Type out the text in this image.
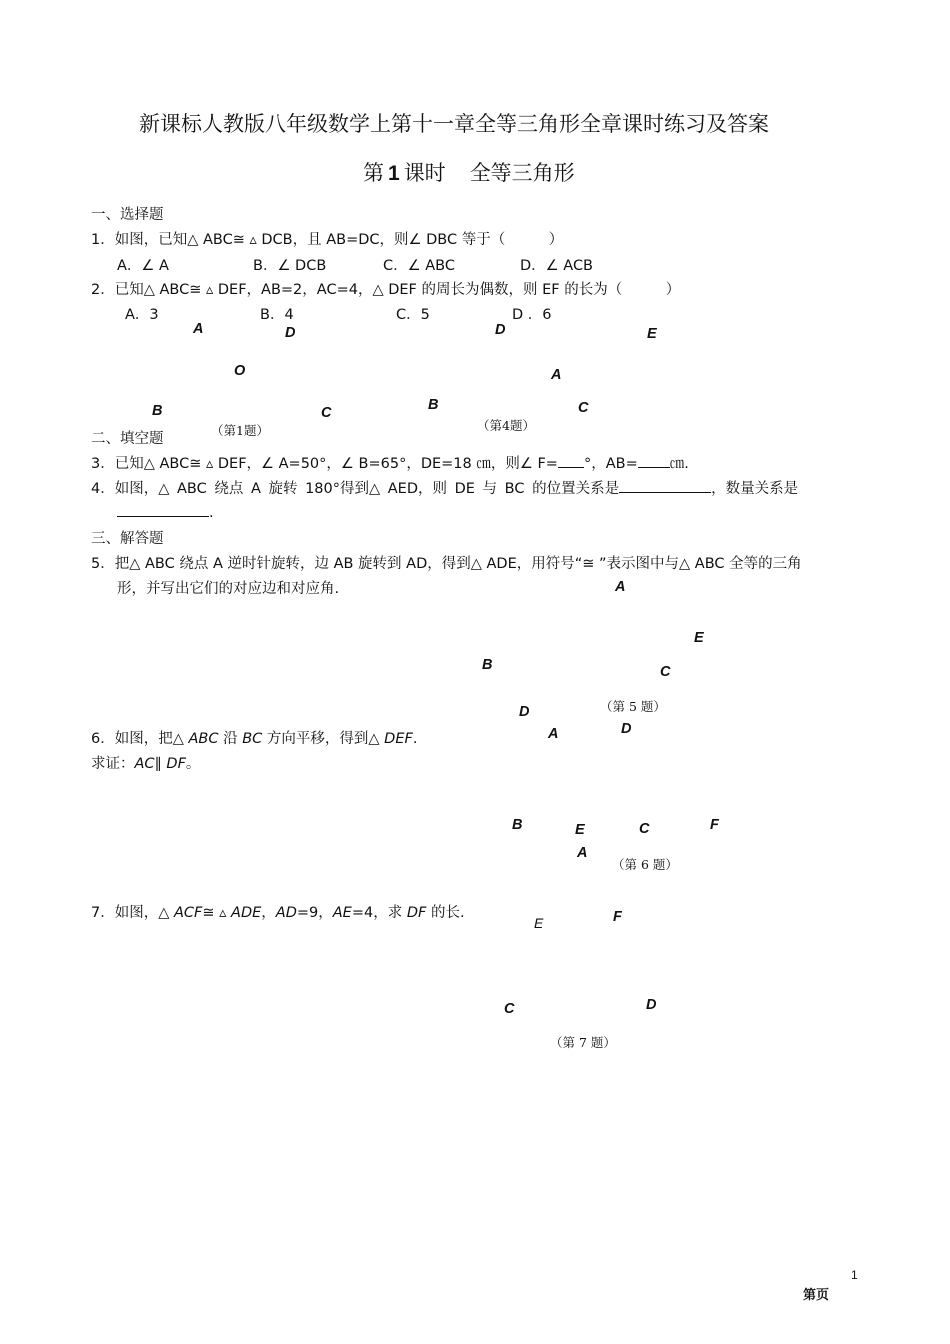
新课标人教版八年级数学上第十一章全等三角形全章课时练习及答案
第 1 课时 全等三角形
一、选择题
1．如图，已知△ ABC≅ ▵ DCB，且 AB=DC，则∠ DBC 等于（　　　）
A．∠ A	B．∠ DCB	C．∠ ABC	D．∠ ACB
2．已知△ ABC≅ ▵ DEF，AB=2，AC=4，△ DEF 的周长为偶数，则 EF 的长为（　　　）
A．3	B．4	C．5	D ．6
A	D
O
B	C
（第1题）
D	E
A
B	C
（第4题）
二、填空题
3．已知△ ABC≅ ▵ DEF，∠ A=50°，∠ B=65°，DE=18 ㎝，则∠ F= °，AB= ㎝.
4．如图，△ ABC 绕点 A 旋转 180°得到△ AED，则 DE 与 BC 的位置关系是	，数量关系是
.
三、解答题
5．把△ ABC 绕点 A 逆时针旋转，边 AB 旋转到 AD，得到△ ADE，用符号“≅ ”表示图中与△ ABC 全等的三角
形，并写出它们的对应边和对应角.	A
E
B	C
（第 5 题）
D
6．如图，把△ ABC 沿 BC 方向平移，得到△ DEF.
求证：AC∥ DF。
A	D
B	E	C	F
（第 6 题）
7．如图，△ ACF≅ ▵ ADE，AD=9，AE=4，求 DF 的长.
A
E	F
C	D
（第 7 题）
1
第页
